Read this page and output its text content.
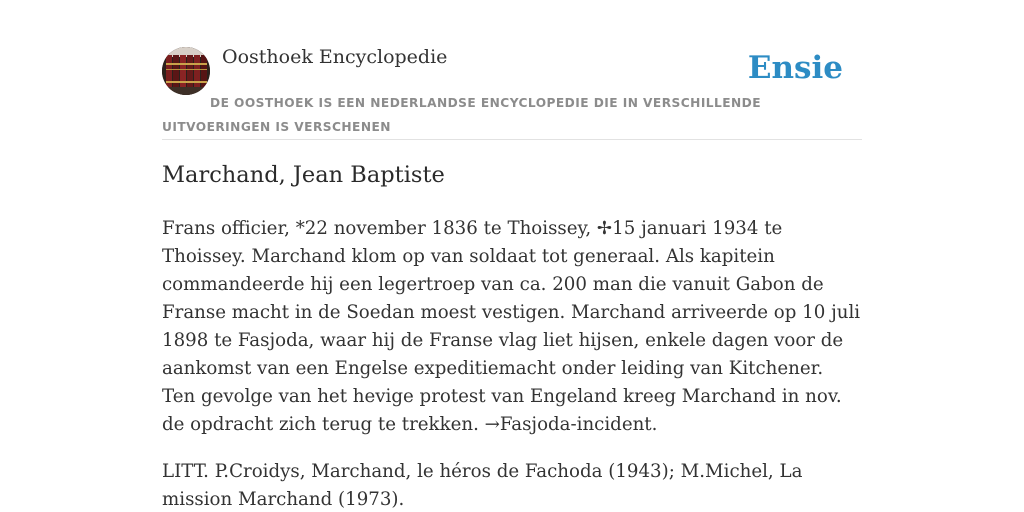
Oosthoek Encyclopedie	Ensie
DE OOSTHOEK IS EEN NEDERLANDSE ENCYCLOPEDIE DIE IN VERSCHILLENDE UITVOERINGEN IS VERSCHENEN
Marchand, Jean Baptiste

Frans officier, *22 november 1836 te Thoissey, ✢15 januari 1934 te Thoissey. Marchand klom op van soldaat tot generaal. Als kapitein commandeerde hij een legertroep van ca. 200 man die vanuit Gabon de Franse macht in de Soedan moest vestigen. Marchand arriveerde op 10 juli 1898 te Fasjoda, waar hij de Franse vlag liet hijsen, enkele dagen voor de aankomst van een Engelse expeditiemacht onder leiding van Kitchener. Ten gevolge van het hevige protest van Engeland kreeg Marchand in nov. de opdracht zich terug te trekken. →Fasjoda-incident.

LITT. P.Croidys, Marchand, le héros de Fachoda (1943); M.Michel, La mission Marchand (1973).
